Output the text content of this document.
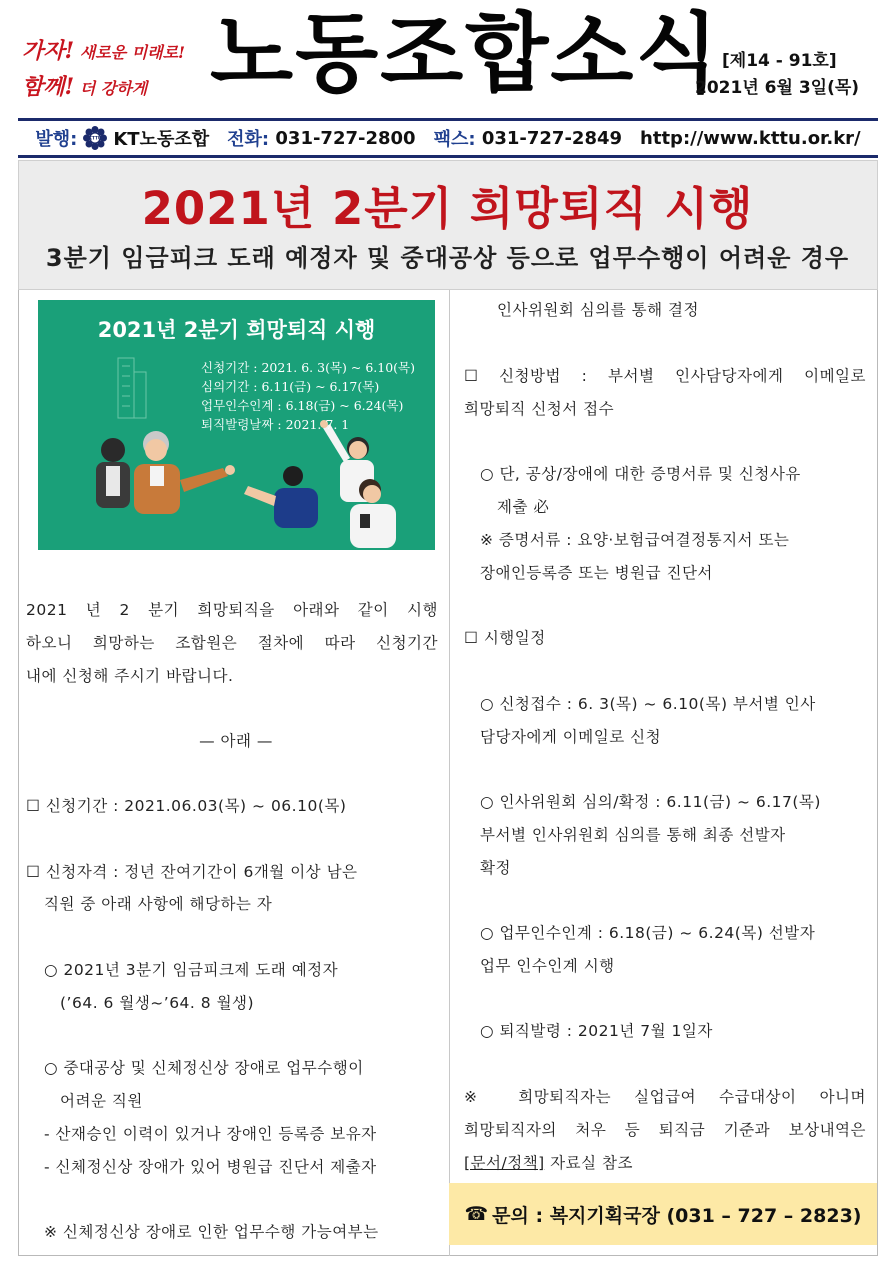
가자! 새로운 미래로!
함께! 더 강하게 노동조합소식 [제14 - 91호]
2021년 6월 3일(목)
발행:	KTTU KT노동조합 전화:
031-727-2800 팩스:
031-727-2849 http://www.kttu.or.kr/
2021년 2분기 희망퇴직 시행
3분기 임금피크 도래 예정자 및 중대공상 등으로 업무수행이 어려운 경우
2021년 2분기 희망퇴직 시행
신청기간 : 2021. 6. 3(목) ~ 6.10(목)
심의기간 : 6.11(금) ~ 6.17(목)
업무인수인계 : 6.18(금) ~ 6.24(목)
퇴직발령날짜 : 2021. 7. 1
2021 년 2 분기 희망퇴직을 아래와 같이 시행
하오니 희망하는 조합원은 절차에 따라 신청기간
내에 신청해 주시기 바랍니다.
— 아래 —
☐ 신청기간 : 2021.06.03(목) ~ 06.10(목)
☐ 신청자격 : 정년 잔여기간이 6개월 이상 남은
직원 중 아래 사항에 해당하는 자
○ 2021년 3분기 임금피크제 도래 예정자
(’64. 6 월생~’64. 8 월생)
○ 중대공상 및 신체정신상 장애로 업무수행이
어려운 직원
- 산재승인 이력이 있거나 장애인 등록증 보유자
- 신체정신상 장애가 있어 병원급 진단서 제출자
※ 신체정신상 장애로 인한 업무수행 가능여부는
인사위원회 심의를 통해 결정
☐ 신청방법 : 부서별 인사담당자에게 이메일로
희망퇴직 신청서 접수
○ 단, 공상/장애에 대한 증명서류 및 신청사유
제출 必
※ 증명서류 : 요양·보험급여결정통지서 또는
장애인등록증 또는 병원급 진단서
☐ 시행일정
○ 신청접수 : 6. 3(목) ~ 6.10(목) 부서별 인사
담당자에게 이메일로 신청
○ 인사위원회 심의/확정 : 6.11(금) ~ 6.17(목)
부서별 인사위원회 심의를 통해 최종 선발자
확정
○ 업무인수인계 : 6.18(금) ~ 6.24(목) 선발자
업무 인수인계 시행
○ 퇴직발령 : 2021년 7월 1일자
※ 희망퇴직자는 실업급여 수급대상이 아니며
희망퇴직자의 처우 등 퇴직금 기준과 보상내역은
[문서/정책] 자료실 참조
☎ 문의 : 복지기획국장 (031 – 727 – 2823)
